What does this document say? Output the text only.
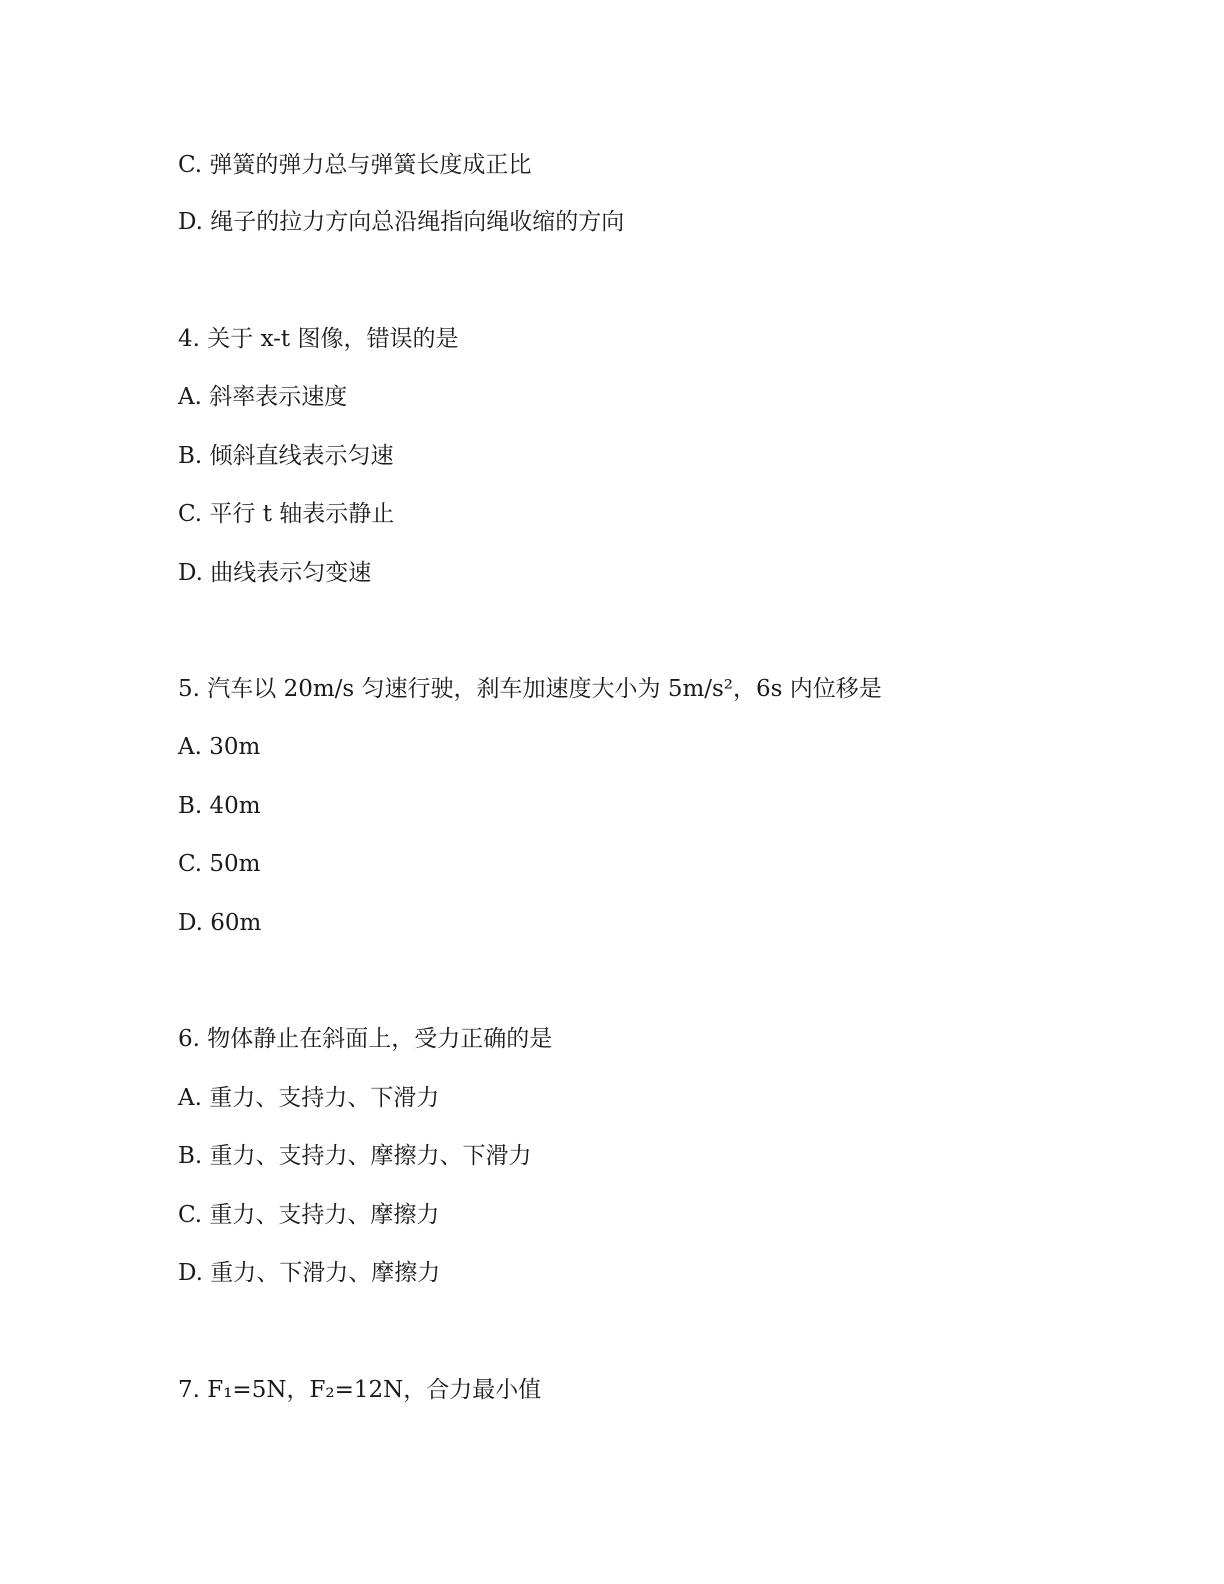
C. 弹簧的弹力总与弹簧长度成正比

D. 绳子的拉力方向总沿绳指向绳收缩的方向

4. 关于 x-t 图像，错误的是

A. 斜率表示速度

B. 倾斜直线表示匀速

C. 平行 t 轴表示静止

D. 曲线表示匀变速

5. 汽车以 20m/s 匀速行驶，刹车加速度大小为 5m/s²，6s 内位移是

A. 30m

B. 40m

C. 50m

D. 60m

6. 物体静止在斜面上，受力正确的是

A. 重力、支持力、下滑力

B. 重力、支持力、摩擦力、下滑力

C. 重力、支持力、摩擦力

D. 重力、下滑力、摩擦力

7. F₁=5N，F₂=12N，合力最小值
